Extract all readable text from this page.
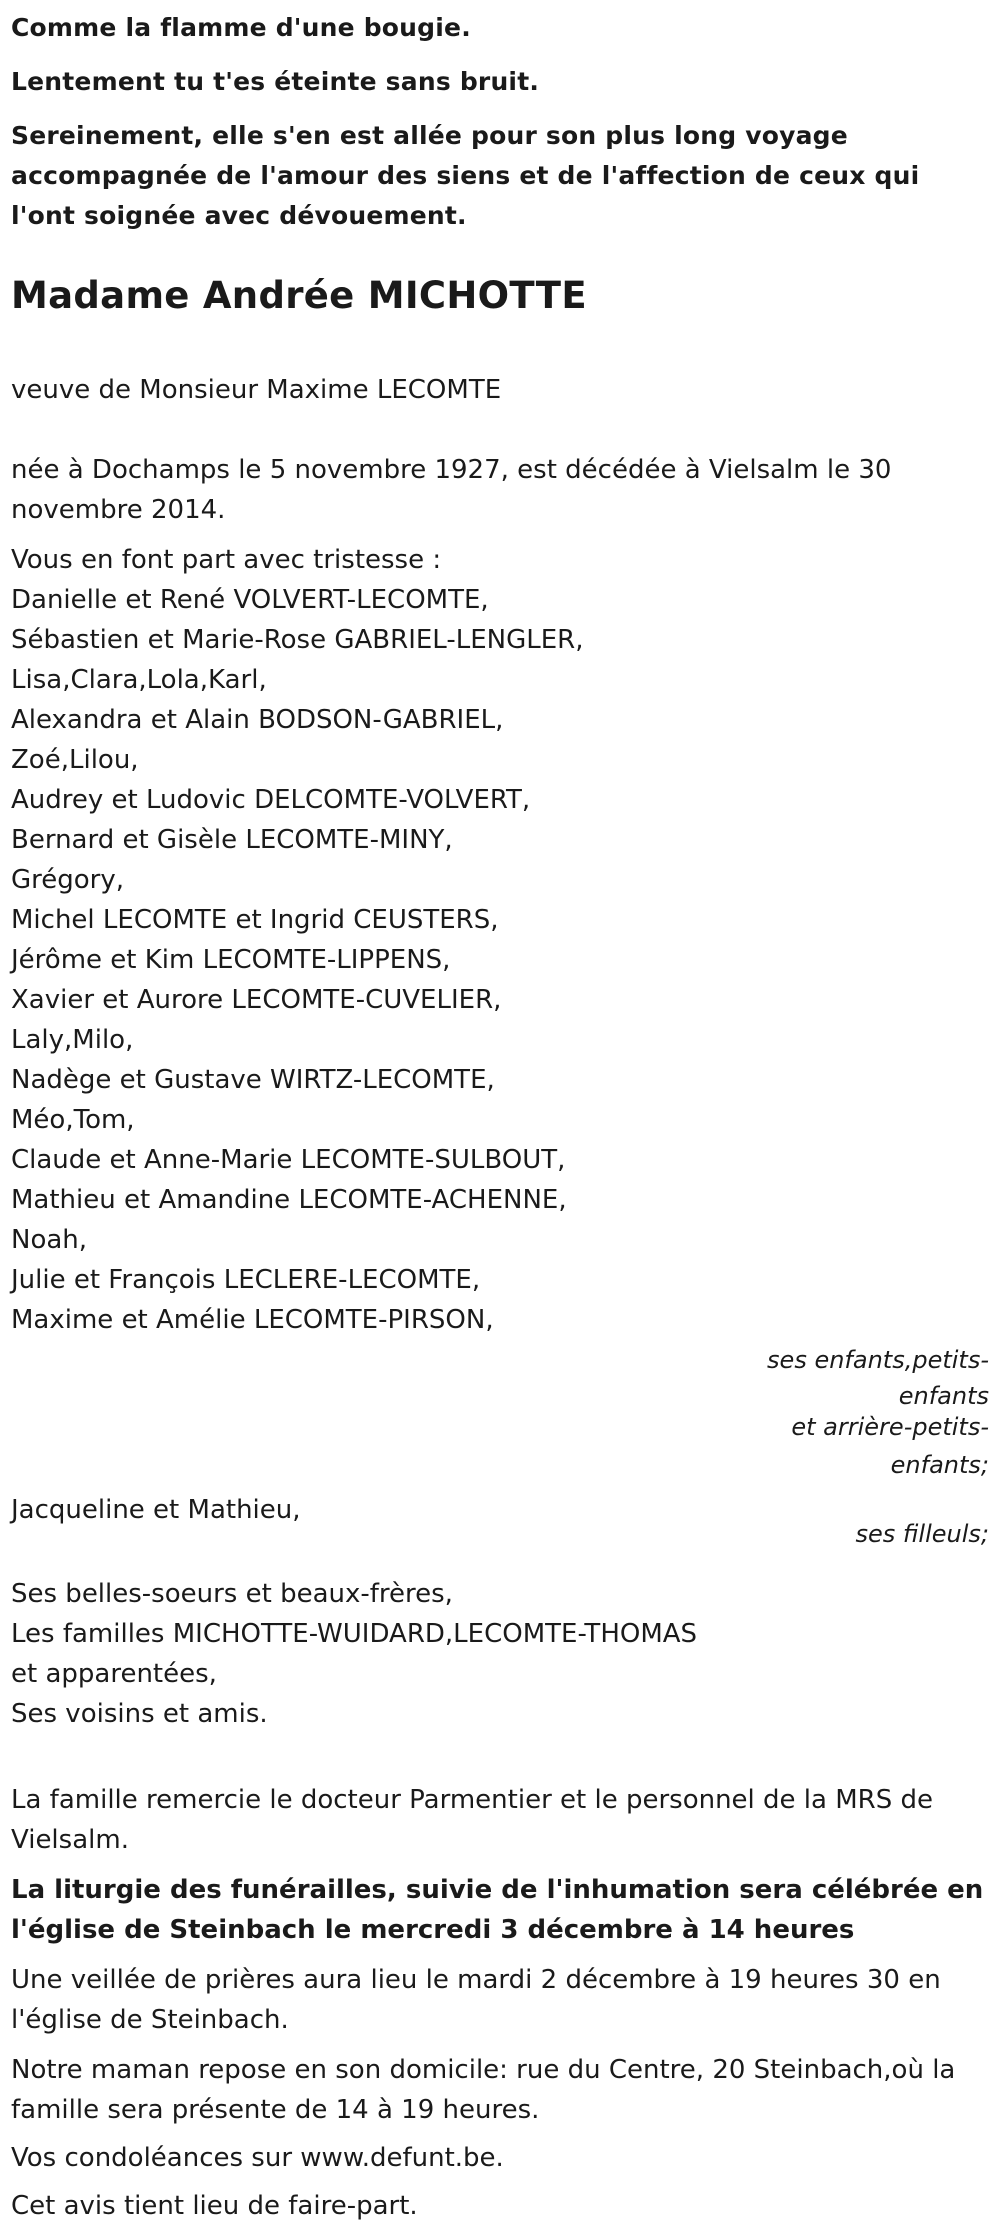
Comme la flamme d'une bougie.

Lentement tu t'es éteinte sans bruit.

Sereinement, elle s'en est allée pour son plus long voyage accompagnée de l'amour des siens et de l'affection de ceux qui l'ont soignée avec dévouement.

Madame Andrée MICHOTTE

veuve de Monsieur Maxime LECOMTE

née à Dochamps le 5 novembre 1927, est décédée à Vielsalm le 30 novembre 2014.

Vous en font part avec tristesse :

Danielle et René VOLVERT-LECOMTE,
Sébastien et Marie-Rose GABRIEL-LENGLER,
Lisa,Clara,Lola,Karl,
Alexandra et Alain BODSON-GABRIEL,
Zoé,Lilou,
Audrey et Ludovic DELCOMTE-VOLVERT,
Bernard et Gisèle LECOMTE-MINY,
Grégory,
Michel LECOMTE et Ingrid CEUSTERS,
Jérôme et Kim LECOMTE-LIPPENS,
Xavier et Aurore LECOMTE-CUVELIER,
Laly,Milo,
Nadège et Gustave WIRTZ-LECOMTE,
Méo,Tom,
Claude et Anne-Marie LECOMTE-SULBOUT,
Mathieu et Amandine LECOMTE-ACHENNE,
Noah,
Julie et François LECLERE-LECOMTE,
Maxime et Amélie LECOMTE-PIRSON,

ses enfants,petits-enfants

et arrière-petits-enfants;

Jacqueline et Mathieu,
ses filleuls;
Ses belles-soeurs et beaux-frères,
Les familles MICHOTTE-WUIDARD,LECOMTE-THOMAS
et apparentées,
Ses voisins et amis.

La famille remercie le docteur Parmentier et le personnel de la MRS de Vielsalm.

La liturgie des funérailles, suivie de l'inhumation sera célébrée en l'église de Steinbach le mercredi 3 décembre à 14 heures

Une veillée de prières aura lieu le mardi 2 décembre à 19 heures 30 en l'église de Steinbach.

Notre maman repose en son domicile: rue du Centre, 20 Steinbach,où la famille sera présente de 14 à 19 heures.

Vos condoléances sur www.defunt.be.

Cet avis tient lieu de faire-part.
